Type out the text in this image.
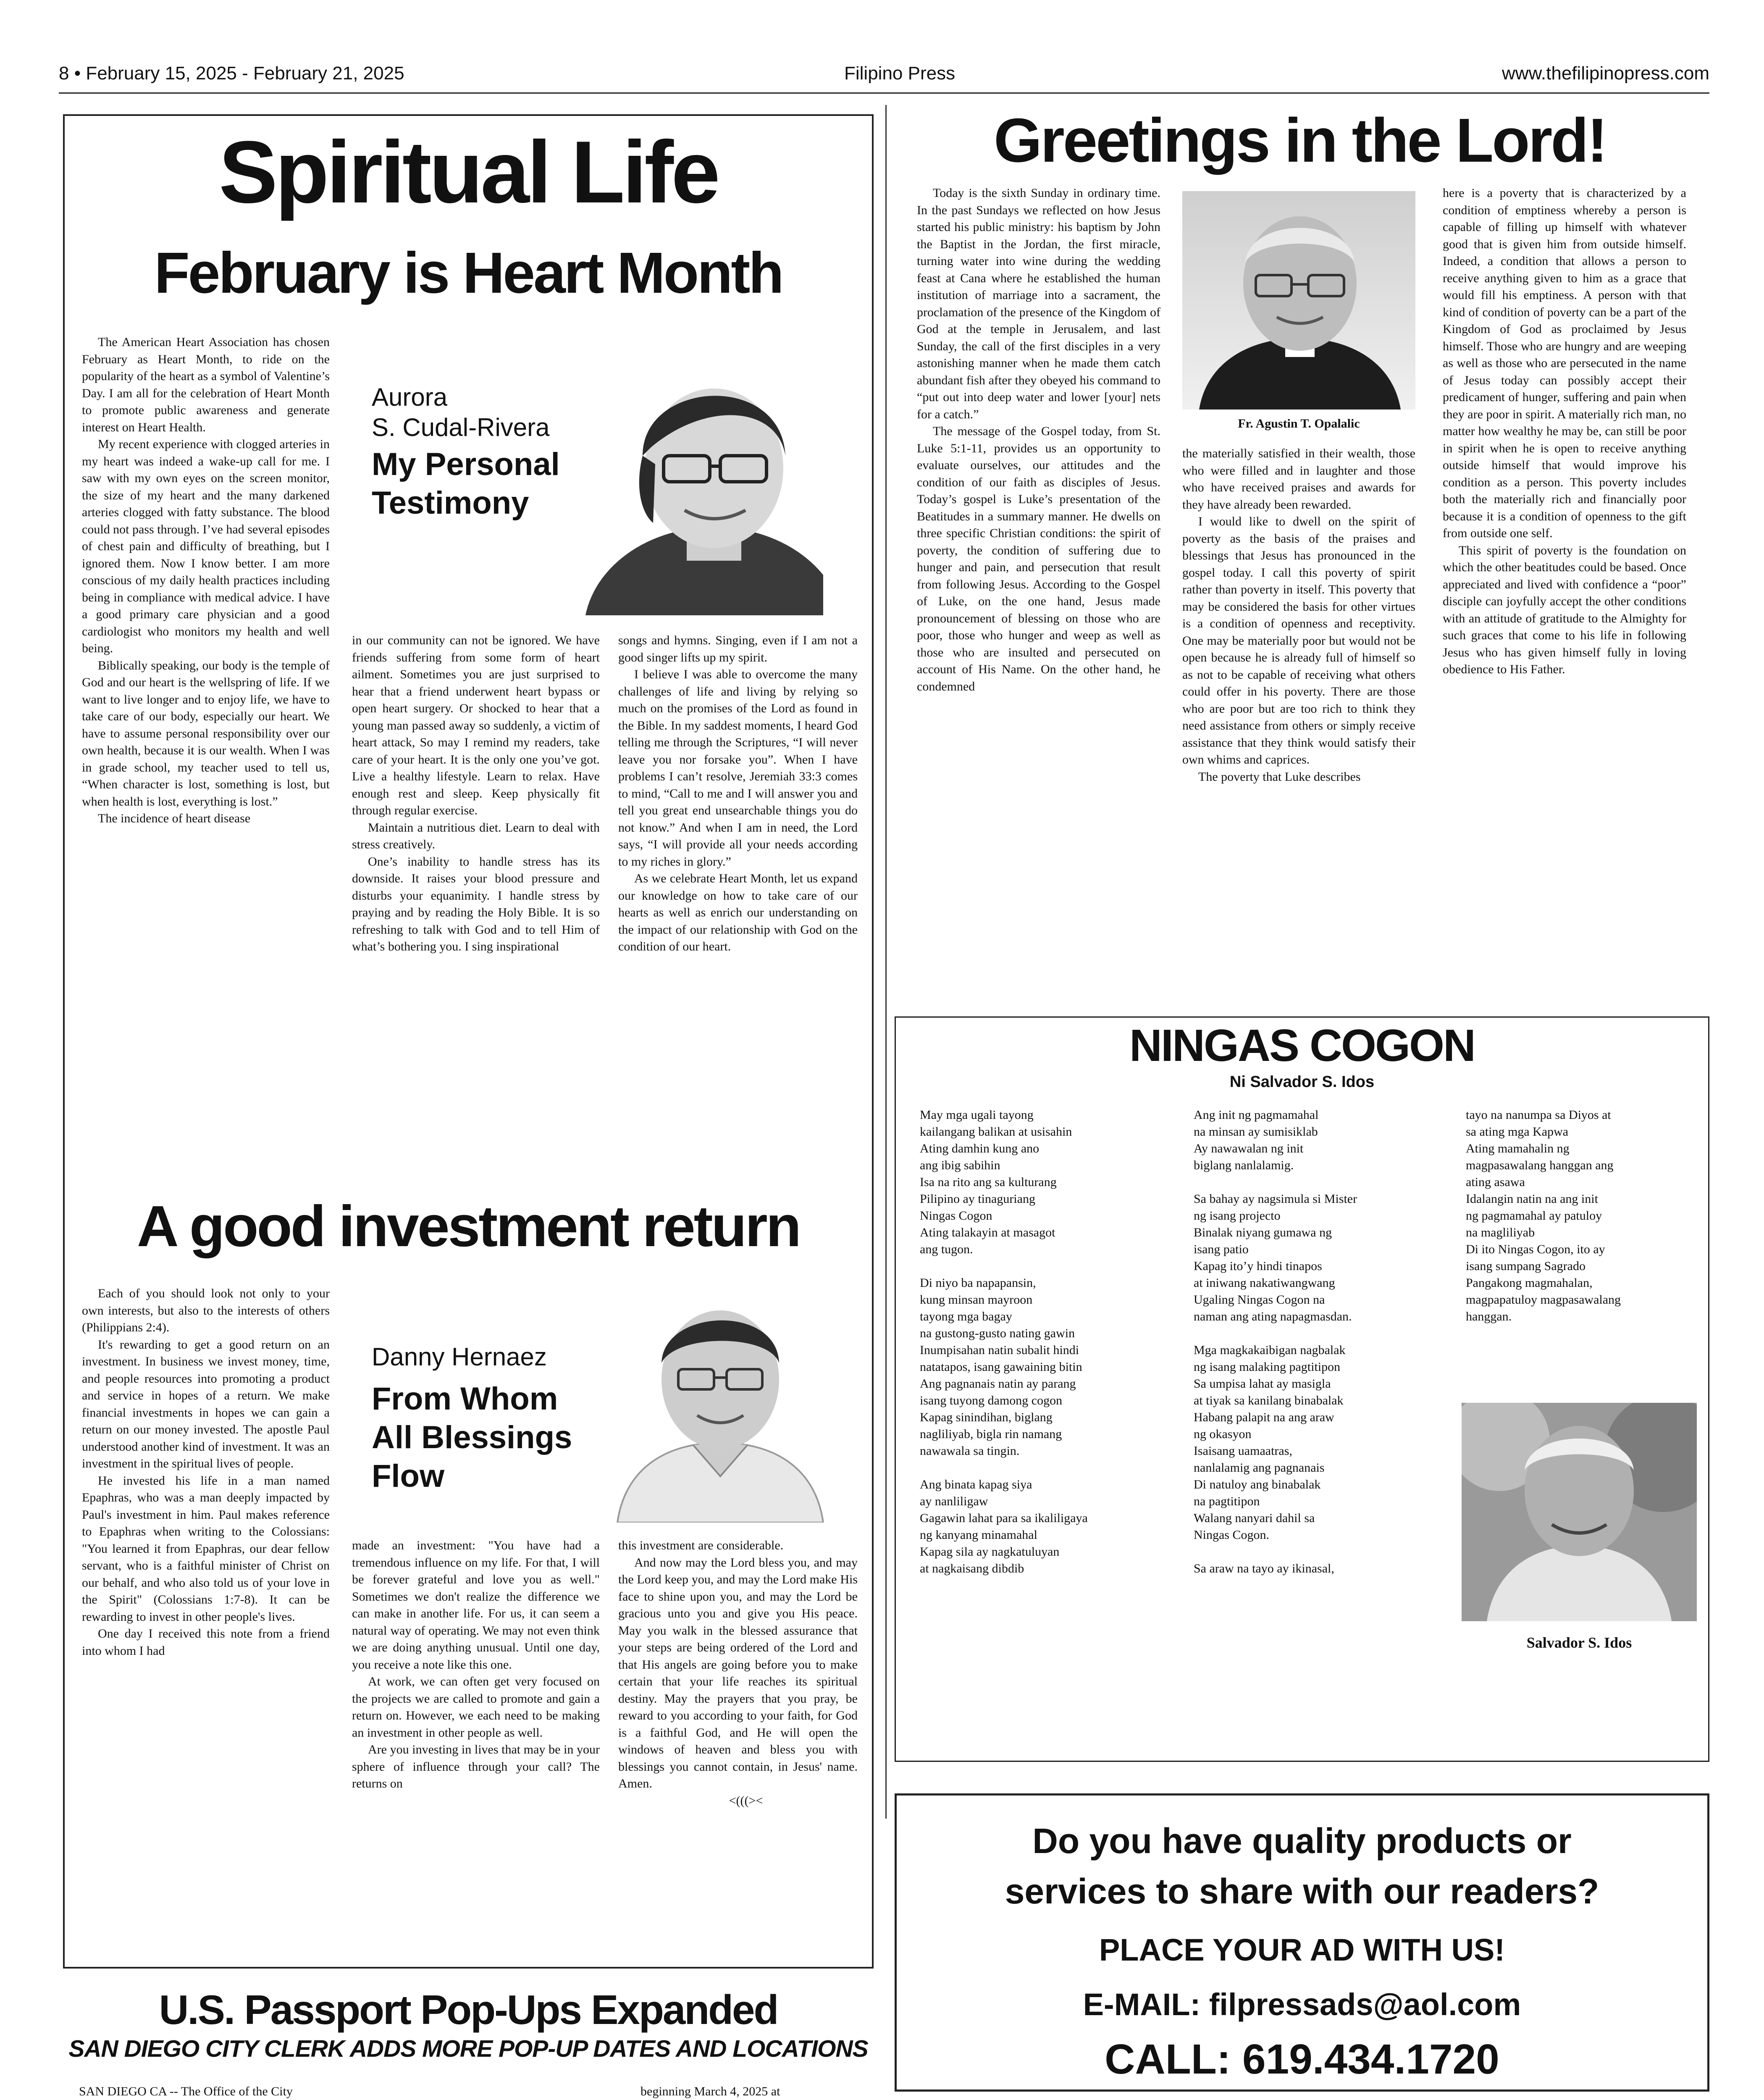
8 • February 15, 2025 - February 21, 2025	Filipino Press	www.thefilipinopress.com
Spiritual Life
February is Heart Month

The American Heart Association has chosen February as Heart Month, to ride on the popularity of the heart as a symbol of Valentine’s Day. I am all for the celebration of Heart Month to promote public awareness and generate interest on Heart Health.

My recent experience with clogged arteries in my heart was indeed a wake-up call for me. I saw with my own eyes on the screen monitor, the size of my heart and the many darkened arteries clogged with fatty substance. The blood could not pass through. I’ve had several episodes of chest pain and difficulty of breathing, but I ignored them. Now I know better. I am more conscious of my daily health practices including being in compliance with medical advice. I have a good primary care physician and a good cardiologist who monitors my health and well being.

Biblically speaking, our body is the temple of God and our heart is the wellspring of life. If we want to live longer and to enjoy life, we have to take care of our body, especially our heart. We have to assume personal responsibility over our own health, because it is our wealth. When I was in grade school, my teacher used to tell us, “When character is lost, something is lost, but when health is lost, everything is lost.”

The incidence of heart disease

Aurora
S. Cudal-Rivera
My Personal
Testimony

in our community can not be ignored. We have friends suffering from some form of heart ailment. Sometimes you are just surprised to hear that a friend underwent heart bypass or open heart surgery. Or shocked to hear that a young man passed away so suddenly, a victim of heart attack, So may I remind my readers, take care of your heart. It is the only one you’ve got. Live a healthy lifestyle. Learn to relax. Have enough rest and sleep. Keep physically fit through regular exercise.

Maintain a nutritious diet. Learn to deal with stress creatively.

One’s inability to handle stress has its downside. It raises your blood pressure and disturbs your equanimity. I handle stress by praying and by reading the Holy Bible. It is so refreshing to talk with God and to tell Him of what’s bothering you. I sing inspirational

songs and hymns. Singing, even if I am not a good singer lifts up my spirit.

I believe I was able to overcome the many challenges of life and living by relying so much on the promises of the Lord as found in the Bible. In my saddest moments, I heard God telling me through the Scriptures, “I will never leave you nor forsake you”. When I have problems I can’t resolve, Jeremiah 33:3 comes to mind, “Call to me and I will answer you and tell you great end unsearchable things you do not know.” And when I am in need, the Lord says, “I will provide all your needs according to my riches in glory.”

As we celebrate Heart Month, let us expand our knowledge on how to take care of our hearts as well as enrich our understanding on the impact of our relationship with God on the condition of our heart.

A good investment return

Each of you should look not only to your own interests, but also to the interests of others (Philippians 2:4).

It's rewarding to get a good return on an investment. In business we invest money, time, and people resources into promoting a product and service in hopes of a return. We make financial investments in hopes we can gain a return on our money invested. The apostle Paul understood another kind of investment. It was an investment in the spiritual lives of people.

He invested his life in a man named Epaphras, who was a man deeply impacted by Paul's investment in him. Paul makes reference to Epaphras when writing to the Colossians: "You learned it from Epaphras, our dear fellow servant, who is a faithful minister of Christ on our behalf, and who also told us of your love in the Spirit" (Colossians 1:7-8). It can be rewarding to invest in other people's lives.

One day I received this note from a friend into whom I had

Danny Hernaez
From Whom
All Blessings
Flow

made an investment: "You have had a tremendous influence on my life. For that, I will be forever grateful and love you as well." Sometimes we don't realize the difference we can make in another life. For us, it can seem a natural way of operating. We may not even think we are doing anything unusual. Until one day, you receive a note like this one.

At work, we can often get very focused on the projects we are called to promote and gain a return on. However, we each need to be making an investment in other people as well.

Are you investing in lives that may be in your sphere of influence through your call? The returns on

this investment are considerable.

And now may the Lord bless you, and may the Lord keep you, and may the Lord make His face to shine upon you, and may the Lord be gracious unto you and give you His peace. May you walk in the blessed assurance that your steps are being ordered of the Lord and that His angels are going before you to make certain that your life reaches its spiritual destiny. May the prayers that you pray, be reward to you according to your faith, for God is a faithful God, and He will open the windows of heaven and bless you with blessings you cannot contain, in Jesus' name. Amen.

<(((><

U.S. Passport Pop-Ups Expanded
SAN DIEGO CITY CLERK ADDS MORE POP-UP DATES AND LOCATIONS

SAN DIEGO CA -- The Office of the City	beginning March 4, 2025 at

Greetings in the Lord!

Today is the sixth Sunday in ordinary time. In the past Sundays we reflected on how Jesus started his public ministry: his baptism by John the Baptist in the Jordan, the first miracle, turning water into wine during the wedding feast at Cana where he established the human institution of marriage into a sacrament, the proclamation of the presence of the Kingdom of God at the temple in Jerusalem, and last Sunday, the call of the first disciples in a very astonishing manner when he made them catch abundant fish after they obeyed his command to “put out into deep water and lower [your] nets for a catch.”

The message of the Gospel today, from St. Luke 5:1-11, provides us an opportunity to evaluate ourselves, our attitudes and the condition of our faith as disciples of Jesus. Today’s gospel is Luke’s presentation of the Beatitudes in a summary manner. He dwells on three specific Christian conditions: the spirit of poverty, the condition of suffering due to hunger and pain, and persecution that result from following Jesus. According to the Gospel of Luke, on the one hand, Jesus made pronouncement of blessing on those who are poor, those who hunger and weep as well as those who are insulted and persecuted on account of His Name. On the other hand, he condemned

Fr. Agustin T. Opalalic

the materially satisfied in their wealth, those who were filled and in laughter and those who have received praises and awards for they have already been rewarded.

I would like to dwell on the spirit of poverty as the basis of the praises and blessings that Jesus has pronounced in the gospel today. I call this poverty of spirit rather than poverty in itself. This poverty that may be considered the basis for other virtues is a condition of openness and receptivity. One may be materially poor but would not be open because he is already full of himself so as not to be capable of receiving what others could offer in his poverty. There are those who are poor but are too rich to think they need assistance from others or simply receive assistance that they think would satisfy their own whims and caprices.

The poverty that Luke describes

here is a poverty that is characterized by a condition of emptiness whereby a person is capable of filling up himself with whatever good that is given him from outside himself. Indeed, a condition that allows a person to receive anything given to him as a grace that would fill his emptiness. A person with that kind of condition of poverty can be a part of the Kingdom of God as proclaimed by Jesus himself. Those who are hungry and are weeping as well as those who are persecuted in the name of Jesus today can possibly accept their predicament of hunger, suffering and pain when they are poor in spirit. A materially rich man, no matter how wealthy he may be, can still be poor in spirit when he is open to receive anything outside himself that would improve his condition as a person. This poverty includes both the materially rich and financially poor because it is a condition of openness to the gift from outside one self.

This spirit of poverty is the foundation on which the other beatitudes could be based. Once appreciated and lived with confidence a “poor” disciple can joyfully accept the other conditions with an attitude of gratitude to the Almighty for such graces that come to his life in following Jesus who has given himself fully in loving obedience to His Father.

NINGAS COGON
Ni Salvador S. Idos
May mga ugali tayong
kailangang balikan at usisahin
Ating damhin kung ano
ang ibig sabihin
Isa na rito ang sa kulturang
Pilipino ay tinaguriang
Ningas Cogon
Ating talakayin at masagot
ang tugon.
Di niyo ba napapansin,
kung minsan mayroon
tayong mga bagay
na gustong-gusto nating gawin
Inumpisahan natin subalit hindi
natatapos, isang gawaining bitin
Ang pagnanais natin ay parang
isang tuyong damong cogon
Kapag sinindihan, biglang
nagliliyab, bigla rin namang
nawawala sa tingin.
Ang binata kapag siya
ay nanliligaw
Gagawin lahat para sa ikaliligaya
ng kanyang minamahal
Kapag sila ay nagkatuluyan
at nagkaisang dibdib
Ang init ng pagmamahal
na minsan ay sumisiklab
Ay nawawalan ng init
biglang nanlalamig.
Sa bahay ay nagsimula si Mister
ng isang projecto
Binalak niyang gumawa ng
isang patio
Kapag ito’y hindi tinapos
at iniwang nakatiwangwang
Ugaling Ningas Cogon na
naman ang ating napagmasdan.
Mga magkakaibigan nagbalak
ng isang malaking pagtitipon
Sa umpisa lahat ay masigla
at tiyak sa kanilang binabalak
Habang palapit na ang araw
ng okasyon
Isaisang uamaatras,
nanlalamig ang pagnanais
Di natuloy ang binabalak
na pagtitipon
Walang nanyari dahil sa
Ningas Cogon.
Sa araw na tayo ay ikinasal,
tayo na nanumpa sa Diyos at
sa ating mga Kapwa
Ating mamahalin ng
magpasawalang hanggan ang
ating asawa
Idalangin natin na ang init
ng pagmamahal ay patuloy
na magliliyab
Di ito Ningas Cogon, ito ay
isang sumpang Sagrado
Pangakong magmahalan,
magpapatuloy magpasawalang
hanggan.
Salvador S. Idos
Do you have quality products or
services to share with our readers?
PLACE YOUR AD WITH US!
E-MAIL: filpressads@aol.com
CALL: 619.434.1720
